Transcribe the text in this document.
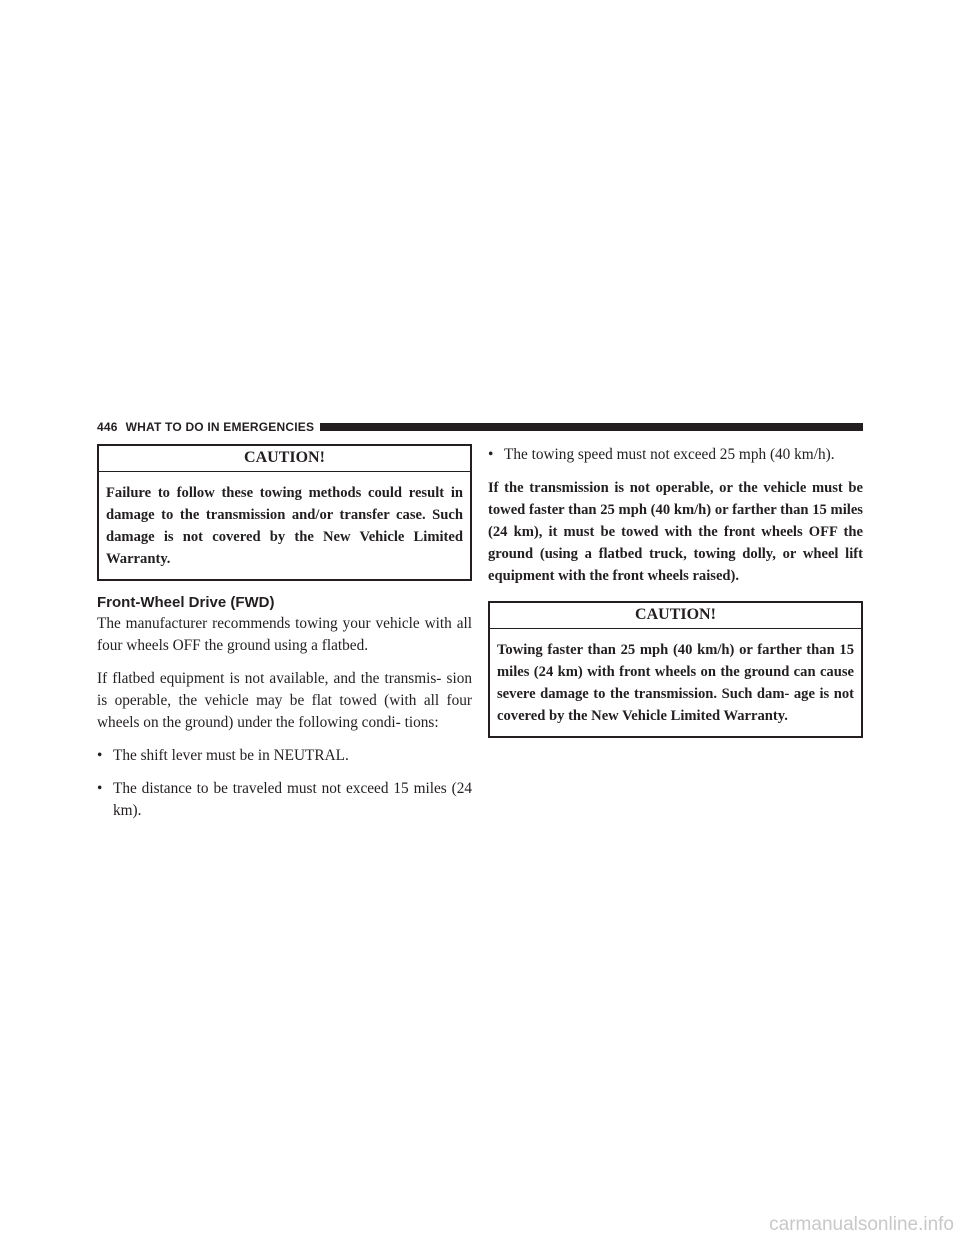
446 WHAT TO DO IN EMERGENCIES
CAUTION!
Failure to follow these towing methods could result in damage to the transmission and/or transfer case. Such damage is not covered by the New Vehicle Limited Warranty.
Front-Wheel Drive (FWD)

The manufacturer recommends towing your vehicle with all four wheels OFF the ground using a flatbed.

If flatbed equipment is not available, and the transmis- sion is operable, the vehicle may be flat towed (with all four wheels on the ground) under the following condi- tions:

• The shift lever must be in NEUTRAL.
• The distance to be traveled must not exceed 15 miles (24 km).
• The towing speed must not exceed 25 mph (40 km/h).

If the transmission is not operable, or the vehicle must be towed faster than 25 mph (40 km/h) or farther than 15 miles (24 km), it must be towed with the front wheels OFF the ground (using a flatbed truck, towing dolly, or wheel lift equipment with the front wheels raised).

CAUTION!
Towing faster than 25 mph (40 km/h) or farther than 15 miles (24 km) with front wheels on the ground can cause severe damage to the transmission. Such dam- age is not covered by the New Vehicle Limited Warranty.
carmanualsonline.info
